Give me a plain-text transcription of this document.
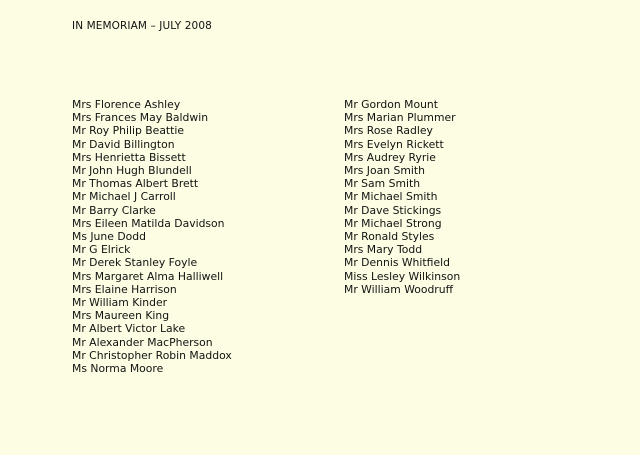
IN MEMORIAM – JULY 2008
Mrs Florence Ashley
Mrs Frances May Baldwin
Mr Roy Philip Beattie
Mr David Billington
Mrs Henrietta Bissett
Mr John Hugh Blundell
Mr Thomas Albert Brett
Mr Michael J Carroll
Mr Barry Clarke
Mrs Eileen Matilda Davidson
Ms June Dodd
Mr G Elrick
Mr Derek Stanley Foyle
Mrs Margaret Alma Halliwell
Mrs Elaine Harrison
Mr William Kinder
Mrs Maureen King
Mr Albert Victor Lake
Mr Alexander MacPherson
Mr Christopher Robin Maddox
Ms Norma Moore
Mr Gordon Mount
Mrs Marian Plummer
Mrs Rose Radley
Mrs Evelyn Rickett
Mrs Audrey Ryrie
Mrs Joan Smith
Mr Sam Smith
Mr Michael Smith
Mr Dave Stickings
Mr Michael Strong
Mr Ronald Styles
Mrs Mary Todd
Mr Dennis Whitfield
Miss Lesley Wilkinson
Mr William Woodruff
